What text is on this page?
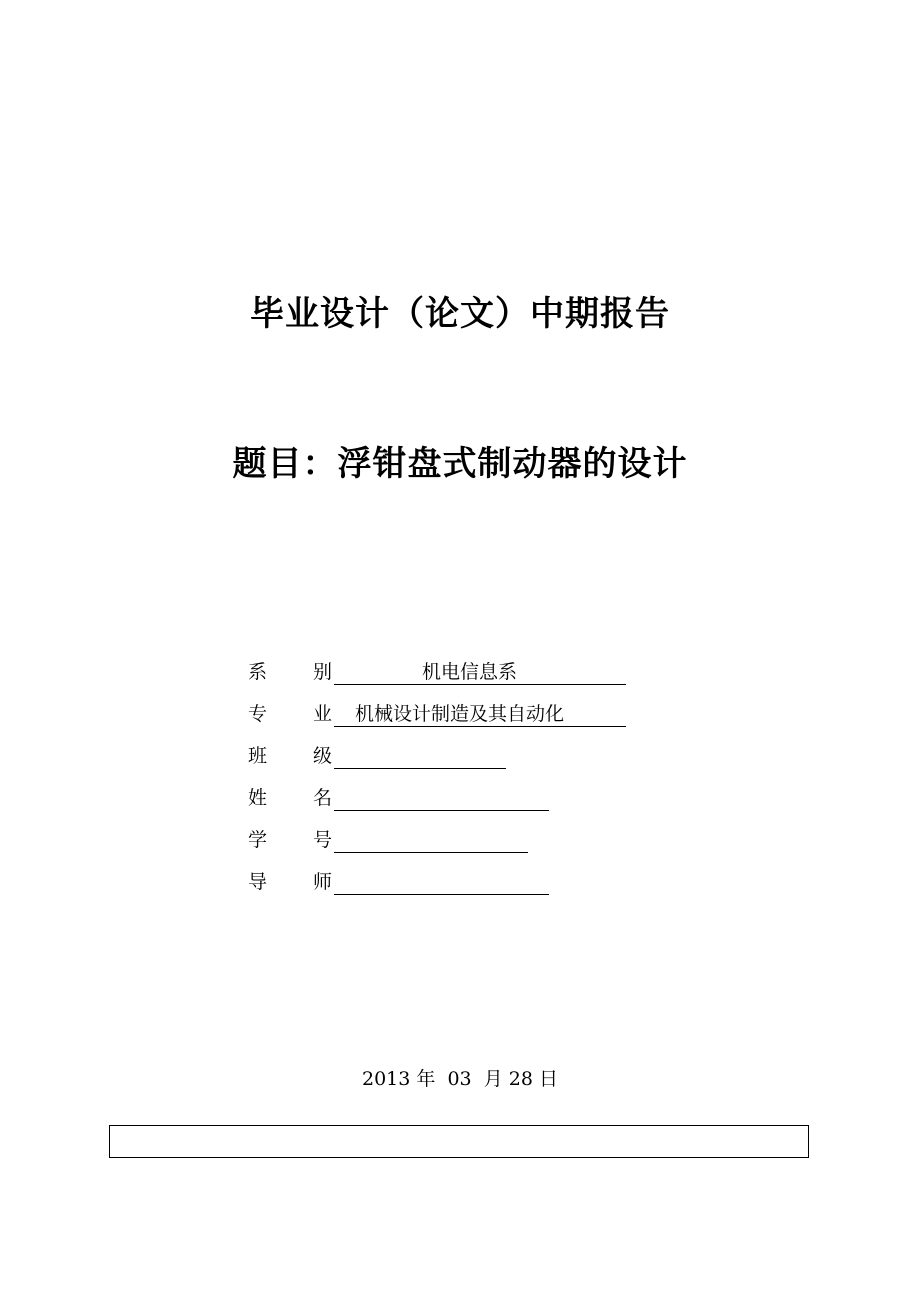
毕业设计（论文）中期报告
题目：浮钳盘式制动器的设计
系 别	机电信息系
专 业 机械设计制造及其自动化
班 级
姓 名
学 号
导 师
2013 年  03  月 28 日
